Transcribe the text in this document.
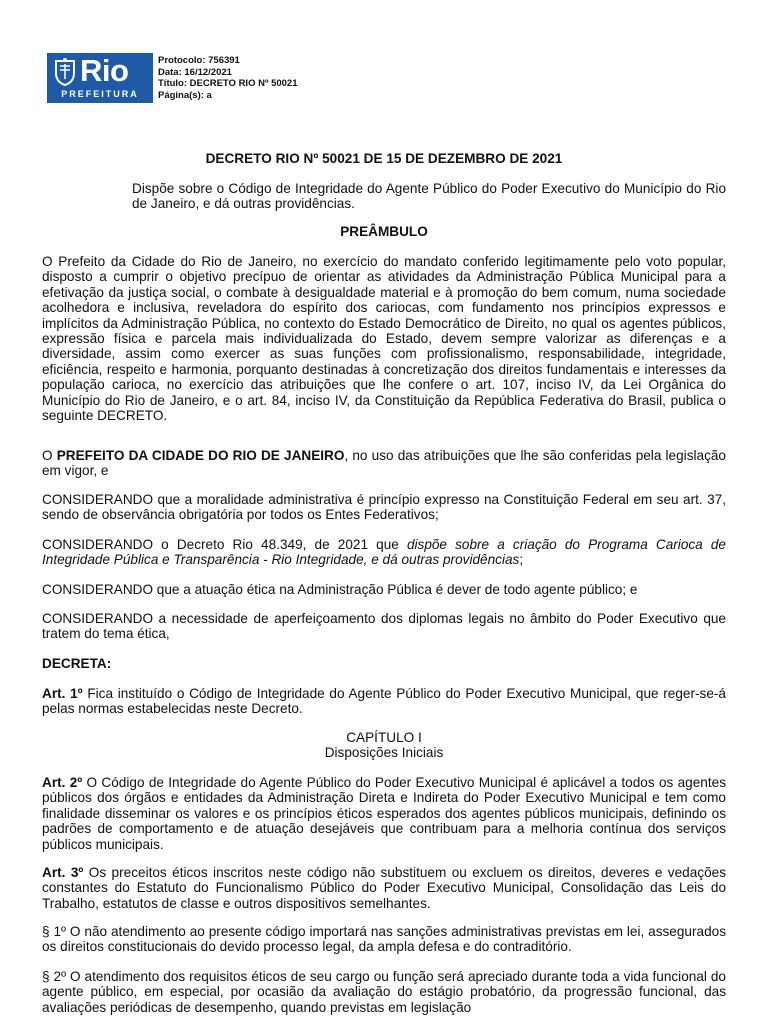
Rio
PREFEITURA
Protocolo: 756391
Data: 16/12/2021
Título: DECRETO RIO Nº 50021
Página(s): a
DECRETO RIO Nº 50021 DE 15 DE DEZEMBRO DE 2021
Dispõe sobre o Código de Integridade do Agente Público do Poder Executivo do Município do Rio de Janeiro, e dá outras providências.
PREÂMBULO
O Prefeito da Cidade do Rio de Janeiro, no exercício do mandato conferido legitimamente pelo voto popular, disposto a cumprir o objetivo precípuo de orientar as atividades da Administração Pública Municipal para a efetivação da justiça social, o combate à desigualdade material e à promoção do bem comum, numa sociedade acolhedora e inclusiva, reveladora do espírito dos cariocas, com fundamento nos princípios expressos e implícitos da Administração Pública, no contexto do Estado Democrático de Direito, no qual os agentes públicos, expressão física e parcela mais individualizada do Estado, devem sempre valorizar as diferenças e a diversidade, assim como exercer as suas funções com profissionalismo, responsabilidade, integridade, eficiência, respeito e harmonia, porquanto destinadas à concretização dos direitos fundamentais e interesses da população carioca, no exercício das atribuições que lhe confere o art. 107, inciso IV, da Lei Orgânica do Município do Rio de Janeiro, e o art. 84, inciso IV, da Constituição da República Federativa do Brasil, publica o seguinte DECRETO.
O PREFEITO DA CIDADE DO RIO DE JANEIRO, no uso das atribuições que lhe são conferidas pela legislação em vigor, e
CONSIDERANDO que a moralidade administrativa é princípio expresso na Constituição Federal em seu art. 37, sendo de observância obrigatória por todos os Entes Federativos;
CONSIDERANDO o Decreto Rio 48.349, de 2021 que dispõe sobre a criação do Programa Carioca de Integridade Pública e Transparência - Rio Integridade, e dá outras providências;
CONSIDERANDO que a atuação ética na Administração Pública é dever de todo agente público; e
CONSIDERANDO a necessidade de aperfeiçoamento dos diplomas legais no âmbito do Poder Executivo que tratem do tema ética,
DECRETA:
Art. 1º Fica instituído o Código de Integridade do Agente Público do Poder Executivo Municipal, que reger-se-á pelas normas estabelecidas neste Decreto.
CAPÍTULO I
Disposições Iniciais
Art. 2º O Código de Integridade do Agente Público do Poder Executivo Municipal é aplicável a todos os agentes públicos dos órgãos e entidades da Administração Direta e Indireta do Poder Executivo Municipal e tem como finalidade disseminar os valores e os princípios éticos esperados dos agentes públicos municipais, definindo os padrões de comportamento e de atuação desejáveis que contribuam para a melhoria contínua dos serviços públicos municipais.
Art. 3º Os preceitos éticos inscritos neste código não substituem ou excluem os direitos, deveres e vedações constantes do Estatuto do Funcionalismo Público do Poder Executivo Municipal, Consolidação das Leis do Trabalho, estatutos de classe e outros dispositivos semelhantes.
§ 1º O não atendimento ao presente código importará nas sanções administrativas previstas em lei, assegurados os direitos constitucionais do devido processo legal, da ampla defesa e do contraditório.
§ 2º O atendimento dos requisitos éticos de seu cargo ou função será apreciado durante toda a vida funcional do agente público, em especial, por ocasião da avaliação do estágio probatório, da progressão funcional, das avaliações periódicas de desempenho, quando previstas em legislação
